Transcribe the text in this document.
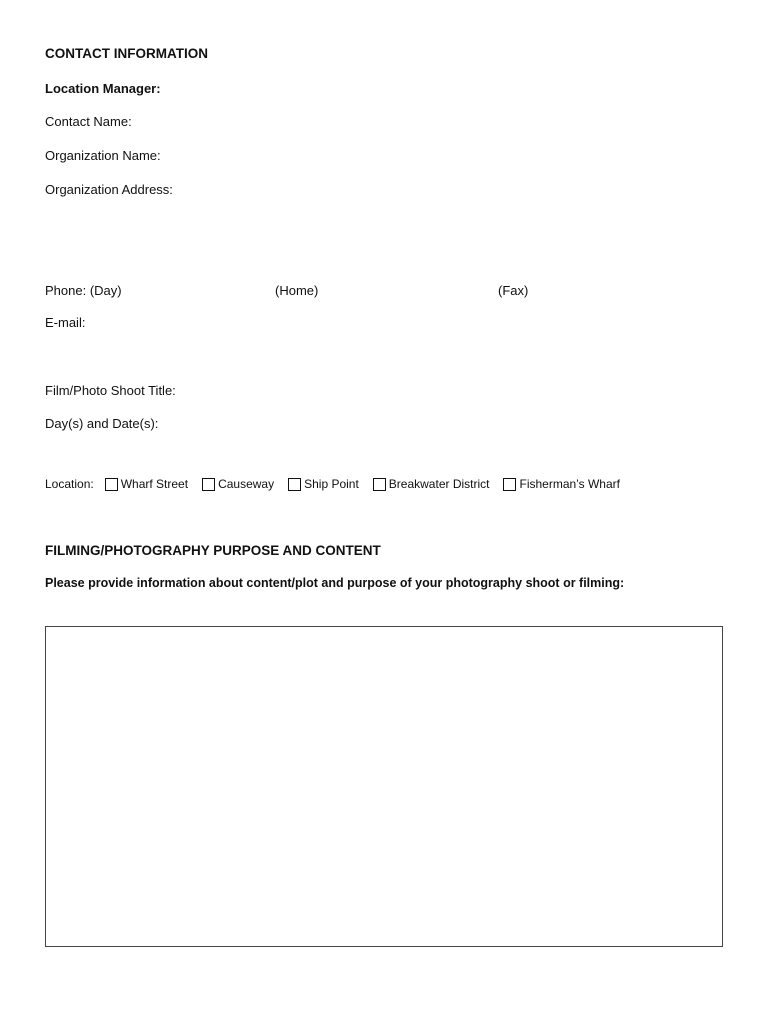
CONTACT INFORMATION
Location Manager:
Contact Name:
Organization Name:
Organization Address:
Phone: (Day)	(Home)	(Fax)
E-mail:
Film/Photo Shoot Title:
Day(s) and Date(s):
Location: Wharf Street	Causeway	Ship Point	Breakwater District	Fisherman’s Wharf
FILMING/PHOTOGRAPHY PURPOSE AND CONTENT
Please provide information about content/plot and purpose of your photography shoot or filming:
